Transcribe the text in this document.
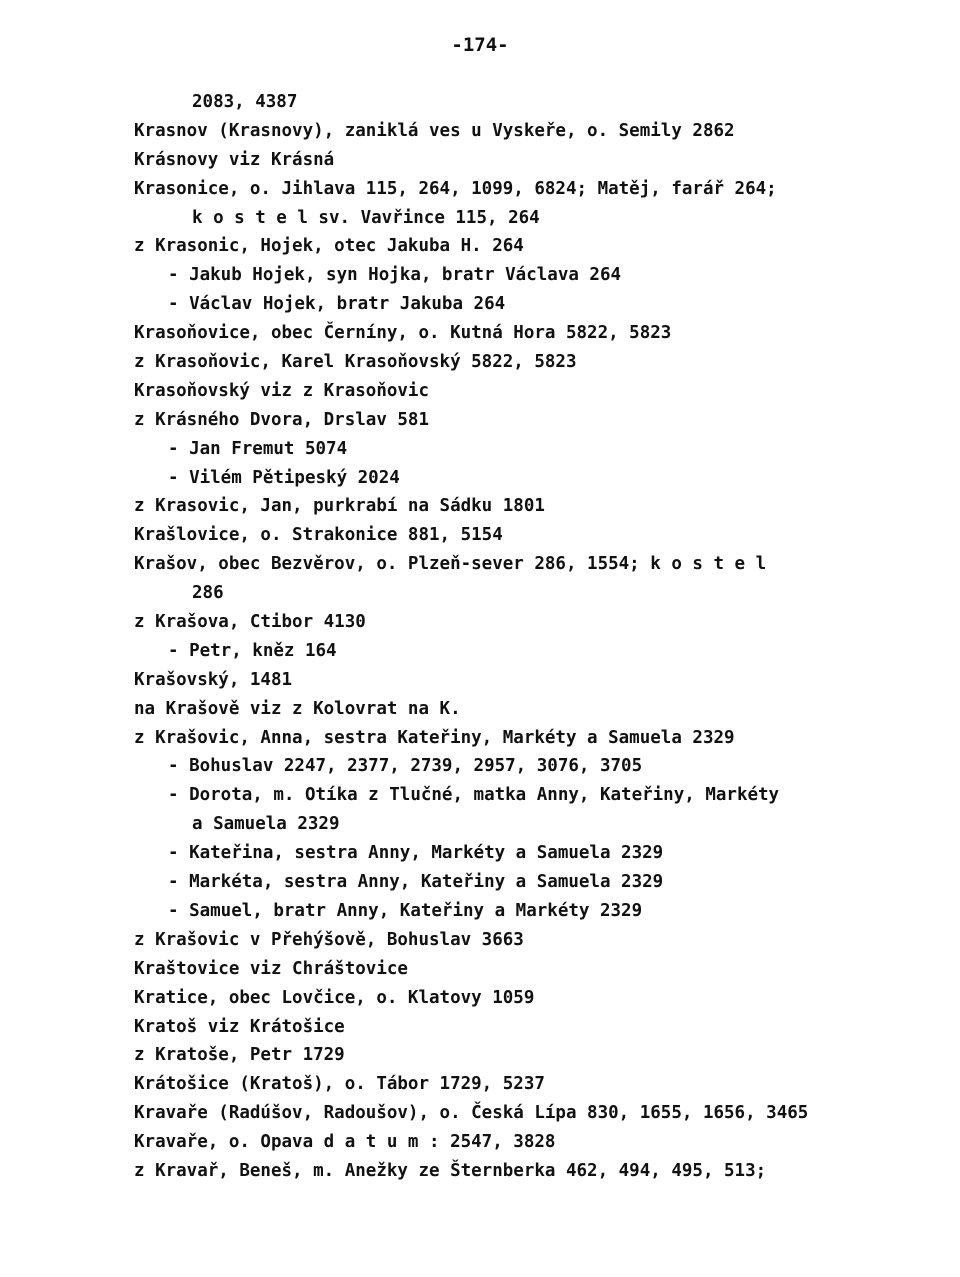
-174-
2083, 4387
Krasnov (Krasnovy), zaniklá ves u Vyskeře, o. Semily 2862
Krásnovy viz Krásná
Krasonice, o. Jihlava 115, 264, 1099, 6824; Matěj, farář 264;
k o s t e l sv. Vavřince 115, 264
z Krasonic, Hojek, otec Jakuba H. 264
- Jakub Hojek, syn Hojka, bratr Václava 264
- Václav Hojek, bratr Jakuba 264
Krasoňovice, obec Černíny, o. Kutná Hora 5822, 5823
z Krasoňovic, Karel Krasoňovský 5822, 5823
Krasoňovský viz z Krasoňovic
z Krásného Dvora, Drslav 581
- Jan Fremut 5074
- Vilém Pětipeský 2024
z Krasovic, Jan, purkrabí na Sádku 1801
Krašlovice, o. Strakonice 881, 5154
Krašov, obec Bezvěrov, o. Plzeň-sever 286, 1554; k o s t e l
286
z Krašova, Ctibor 4130
- Petr, kněz 164
Krašovský, 1481
na Krašově viz z Kolovrat na K.
z Krašovic, Anna, sestra Kateřiny, Markéty a Samuela 2329
- Bohuslav 2247, 2377, 2739, 2957, 3076, 3705
- Dorota, m. Otíka z Tlučné, matka Anny, Kateřiny, Markéty
a Samuela 2329
- Kateřina, sestra Anny, Markéty a Samuela 2329
- Markéta, sestra Anny, Kateřiny a Samuela 2329
- Samuel, bratr Anny, Kateřiny a Markéty 2329
z Krašovic v Přehýšově, Bohuslav 3663
Kraštovice viz Chráštovice
Kratice, obec Lovčice, o. Klatovy 1059
Kratoš viz Krátošice
z Kratoše, Petr 1729
Krátošice (Kratoš), o. Tábor 1729, 5237
Kravaře (Radúšov, Radoušov), o. Česká Lípa 830, 1655, 1656, 3465
Kravaře, o. Opava d a t u m : 2547, 3828
z Kravař, Beneš, m. Anežky ze Šternberka 462, 494, 495, 513;
